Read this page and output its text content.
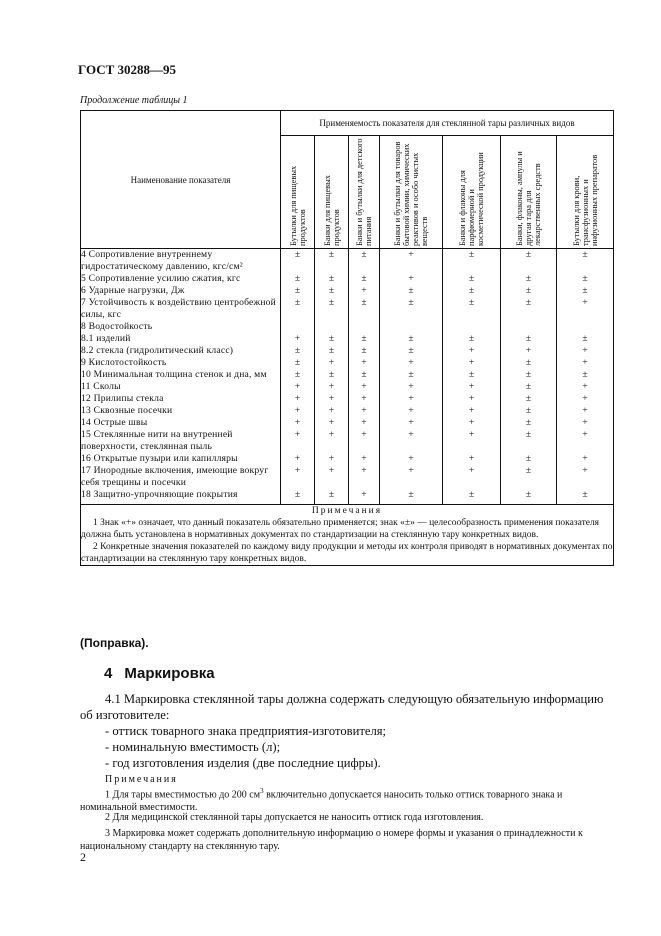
ГОСТ 30288—95
Продолжение таблицы 1
Наименование показателя	Применяемость показателя для стеклянной тары различных видов						

	Бутылки для пищевых продуктов	Банки для пищевых продуктов	Банки и бутылки для детского питания	Банки и бутылки для товаров бытовой химии, химических реактивов и особо чистых веществ	Банки и флаконы для парфюмерной и косметической продукции	Банки, флаконы, ампулы и другая тара для лекарственных средств	Бутылки для крови, трансфузионных и инфузионных препаратов

4 Сопротивление внутреннему гидростатическому давлению, кгс/см²	±	±	±	+	±	±	±
5 Сопротивление усилию сжатия, кгс	±	±	±	+	±	±	±
6 Ударные нагрузки, Дж	±	±	+	±	±	±	±
7 Устойчивость к воздействию центробежной силы, кгс	±	±	±	±	±	±	+
8 Водостойкость							
8.1 изделий	+	±	±	±	±	±	±
8.2 стекла (гидролитический класс)	±	±	±	±	+	+	+
9 Кислотостойкость	±	+	+	+	+	±	+
10 Минимальная толщина стенок и дна, мм	±	±	±	±	±	±	±
11 Сколы	+	+	+	+	+	±	+
12 Прилипы стекла	+	+	+	+	+	±	+
13 Сквозные посечки	+	+	+	+	+	±	+
14 Острые швы	+	+	+	+	+	±	+
15 Стеклянные нити на внутренней поверхности, стеклянная пыль	+	+	+	+	+	±	+
16 Открытые пузыри или капилляры	+	+	+	+	+	±	+
17 Инородные включения, имеющие вокруг себя трещины и посечки	+	+	+	+	+	±	+
18 Защитно-упрочняющие покрытия	±	±	+	±	±	±	±

Примечания
1 Знак «+» означает, что данный показатель обязательно применяется; знак «±» — целесообразность применения показателя должна быть установлена в нормативных документах по стандартизации на стеклянную тару конкретных видов.
2 Конкретные значения показателей по каждому виду продукции и методы их контроля приводят в нормативных документах по стандартизации на стеклянную тару конкретных видов.							
(Поправка).
4 Маркировка
4.1 Маркировка стеклянной тары должна содержать следующую обязательную информацию об изготовителе:
- оттиск товарного знака предприятия-изготовителя;
- номинальную вместимость (л);
- год изготовления изделия (две последние цифры).
Примечания
1 Для тары вместимостью до 200 $см^3$ включительно допускается наносить только оттиск товарного знака и номинальной вместимости.
2 Для медицинской стеклянной тары допускается не наносить оттиск года изготовления.
3 Маркировка может содержать дополнительную информацию о номере формы и указания о принадлежности к национальному стандарту на стеклянную тару.
2
